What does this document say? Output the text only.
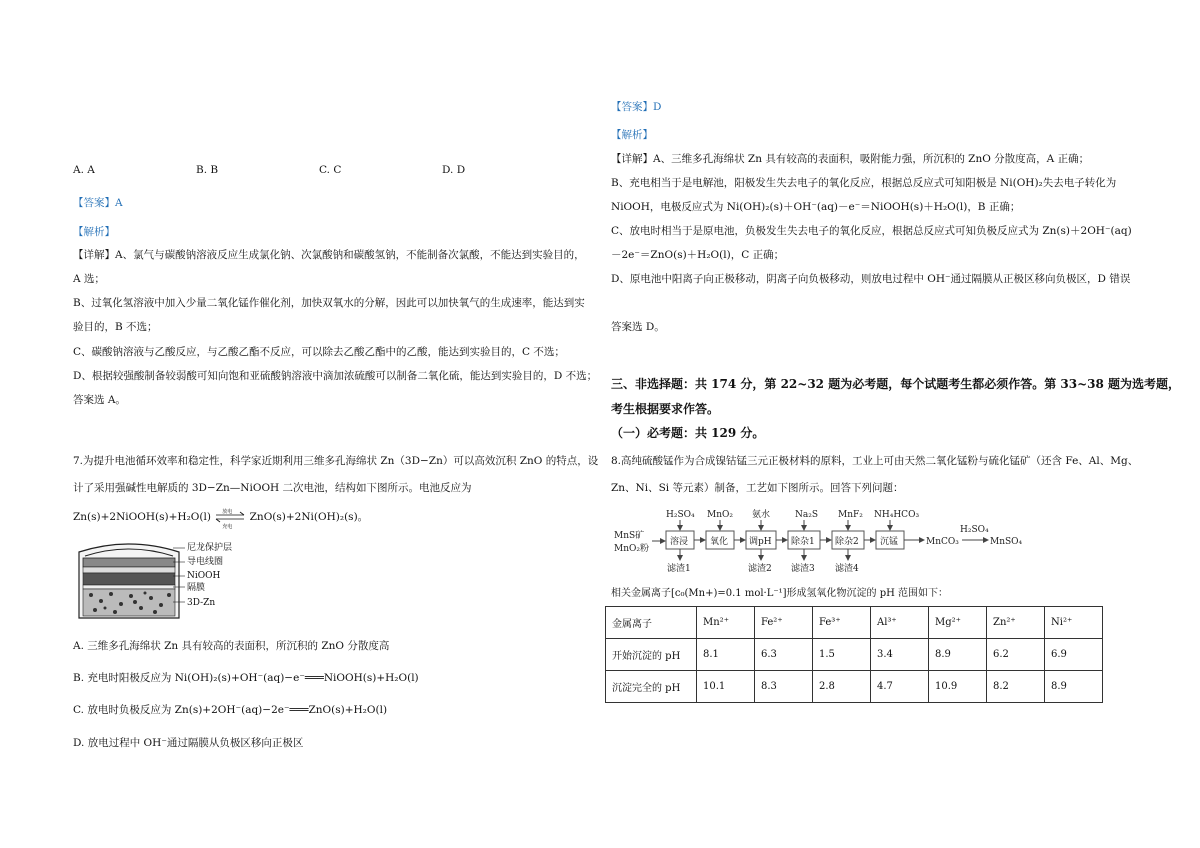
A. A	B. B	C. C	D. D
【答案】A
【解析】
【详解】A、氯气与碳酸钠溶液反应生成氯化钠、次氯酸钠和碳酸氢钠，不能制备次氯酸，不能达到实验目的，
A 选；
B、过氧化氢溶液中加入少量二氧化锰作催化剂，加快双氧水的分解，因此可以加快氧气的生成速率，能达到实
验目的，B 不选；
C、碳酸钠溶液与乙酸反应，与乙酸乙酯不反应，可以除去乙酸乙酯中的乙酸，能达到实验目的，C 不选；
D、根据较强酸制备较弱酸可知向饱和亚硫酸钠溶液中滴加浓硫酸可以制备二氧化硫，能达到实验目的，D 不选；
答案选 A。
7.为提升电池循环效率和稳定性，科学家近期利用三维多孔海绵状 Zn（3D−Zn）可以高效沉积 ZnO 的特点，设
计了采用强碱性电解质的 3D−Zn—NiOOH 二次电池，结构如下图所示。电池反应为
Zn(s)+2NiOOH(s)+H₂O(l) 放电
充电
ZnO(s)+2Ni(OH)₂(s)。
尼龙保护层
导电线圈
NiOOH
隔膜
3D-Zn
A. 三维多孔海绵状 Zn 具有较高的表面积，所沉积的 ZnO 分散度高
B. 充电时阳极反应为 Ni(OH)₂(s)+OH⁻(aq)−e⁻═══NiOOH(s)+H₂O(l)
C. 放电时负极反应为 Zn(s)+2OH⁻(aq)−2e⁻═══ZnO(s)+H₂O(l)
D. 放电过程中 OH⁻通过隔膜从负极区移向正极区
【答案】D
【解析】
【详解】A、三维多孔海绵状 Zn 具有较高的表面积，吸附能力强，所沉积的 ZnO 分散度高，A 正确；
B、充电相当于是电解池，阳极发生失去电子的氧化反应，根据总反应式可知阳极是 Ni(OH)₂失去电子转化为
NiOOH，电极反应式为 Ni(OH)₂(s)＋OH⁻(aq)－e⁻＝NiOOH(s)＋H₂O(l)，B 正确；
C、放电时相当于是原电池，负极发生失去电子的氧化反应，根据总反应式可知负极反应式为 Zn(s)＋2OH⁻(aq)
－2e⁻＝ZnO(s)＋H₂O(l)，C 正确；
D、原电池中阳离子向正极移动，阴离子向负极移动，则放电过程中 OH⁻通过隔膜从正极区移向负极区，D 错误
答案选 D。
三、非选择题：共 174 分，第 22~32 题为必考题，每个试题考生都必须作答。第 33~38 题为选考题，
考生根据要求作答。
（一）必考题：共 129 分。
8.高纯硫酸锰作为合成镍钴锰三元正极材料的原料，工业上可由天然二氧化锰粉与硫化锰矿（还含 Fe、Al、Mg、
Zn、Ni、Si 等元素）制备，工艺如下图所示。回答下列问题：
MnS矿
MnO₂粉
溶浸 氧化 调pH 除杂1 除杂2 沉锰	MnCO₃
H₂SO₄
MnSO₄
H₂SO₄ MnO₂ 氨水	Na₂S MnF₂ NH₄HCO₃
滤渣1	滤渣2 滤渣3 滤渣4
相关金属离子[c₀(Mn+)=0.1 mol·L⁻¹]形成氢氧化物沉淀的 pH 范围如下：
金属离子	Mn²⁺	Fe²⁺	Fe³⁺	Al³⁺	Mg²⁺	Zn²⁺	Ni²⁺
开始沉淀的 pH	8.1	6.3	1.5	3.4	8.9	6.2	6.9
沉淀完全的 pH	10.1	8.3	2.8	4.7	10.9	8.2	8.9
